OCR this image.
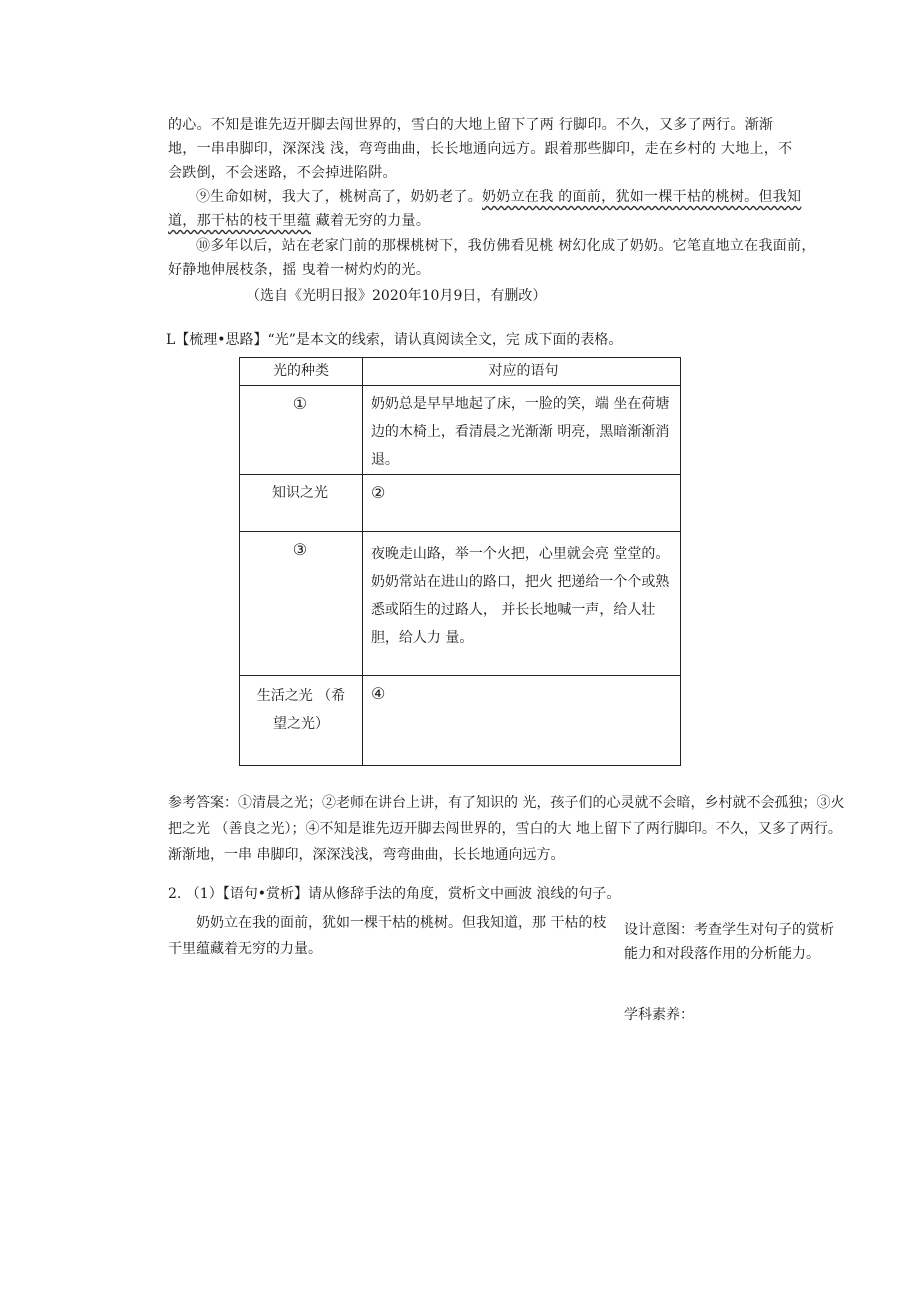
的心。不知是谁先迈开脚去闯世界的，雪白的大地上留下了两 行脚印。不久，又多了两行。渐渐

地，一串串脚印，深深浅 浅，弯弯曲曲，长长地通向远方。跟着那些脚印，走在乡村的 大地上，不

会跌倒，不会迷路，不会掉进陷阱。

⑨生命如树，我大了，桃树高了，奶奶老了。奶奶立在我 的面前，犹如一棵干枯的桃树。但我知
道，那干枯的枝干里蕴 藏着无穷的力量。
⑩多年以后，站在老家门前的那棵桃树下，我仿佛看见桃 树幻化成了奶奶。它笔直地立在我面前，
好静地伸展枝条，摇 曳着一树灼灼的光。
（选自《光明日报》2020年10月9日，有删改）
L【梳理•思路】“光”是本文的线索，请认真阅读全文，完 成下面的表格。
光的种类	对应的语句

①	奶奶总是早早地起了床，一脸的笑，端 坐在荷塘边的木椅上，看清晨之光渐渐 明亮，黑暗渐渐消退。

知识之光	②

③	夜晚走山路，举一个火把，心里就会亮 堂堂的。奶奶常站在进山的路口，把火 把递给一个个或熟悉或陌生的过路人， 并长长地喊一声，给人壮胆，给人力 量。

生活之光 （希望之光）	④
参考答案：①清晨之光；②老师在讲台上讲，有了知识的 光，孩子们的心灵就不会暗，乡村就不会孤独；③火把之光 （善良之光）；④不知是谁先迈开脚去闯世界的，雪白的大 地上留下了两行脚印。不久，又多了两行。渐渐地，一串 串脚印，深深浅浅，弯弯曲曲，长长地通向远方。
2. （1）【语句•赏析】请从修辞手法的角度，赏析文中画波 浪线的句子。
奶奶立在我的面前，犹如一棵干枯的桃树。但我知道，那 干枯的枝干里蕴藏着无穷的力量。
设计意图：考查学生对句子的赏析能力和对段落作用的分析能力。
学科素养：
